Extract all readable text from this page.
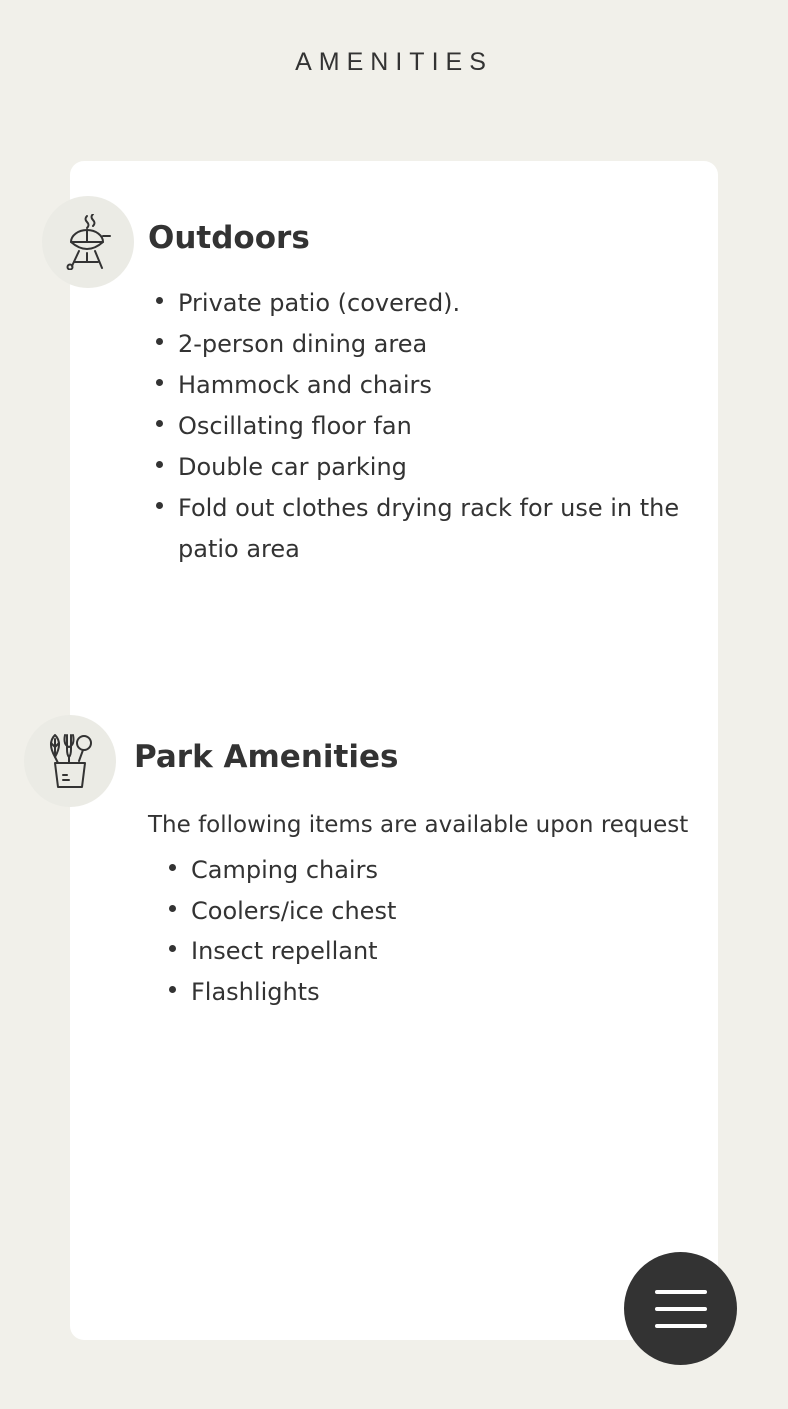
AMENITIES
Outdoors
Private patio (covered).
2-person dining area
Hammock and chairs
Oscillating floor fan
Double car parking
Fold out clothes drying rack for use in the patio area
Park Amenities

The following items are available upon request

Camping chairs
Coolers/ice chest
Insect repellant
Flashlights
